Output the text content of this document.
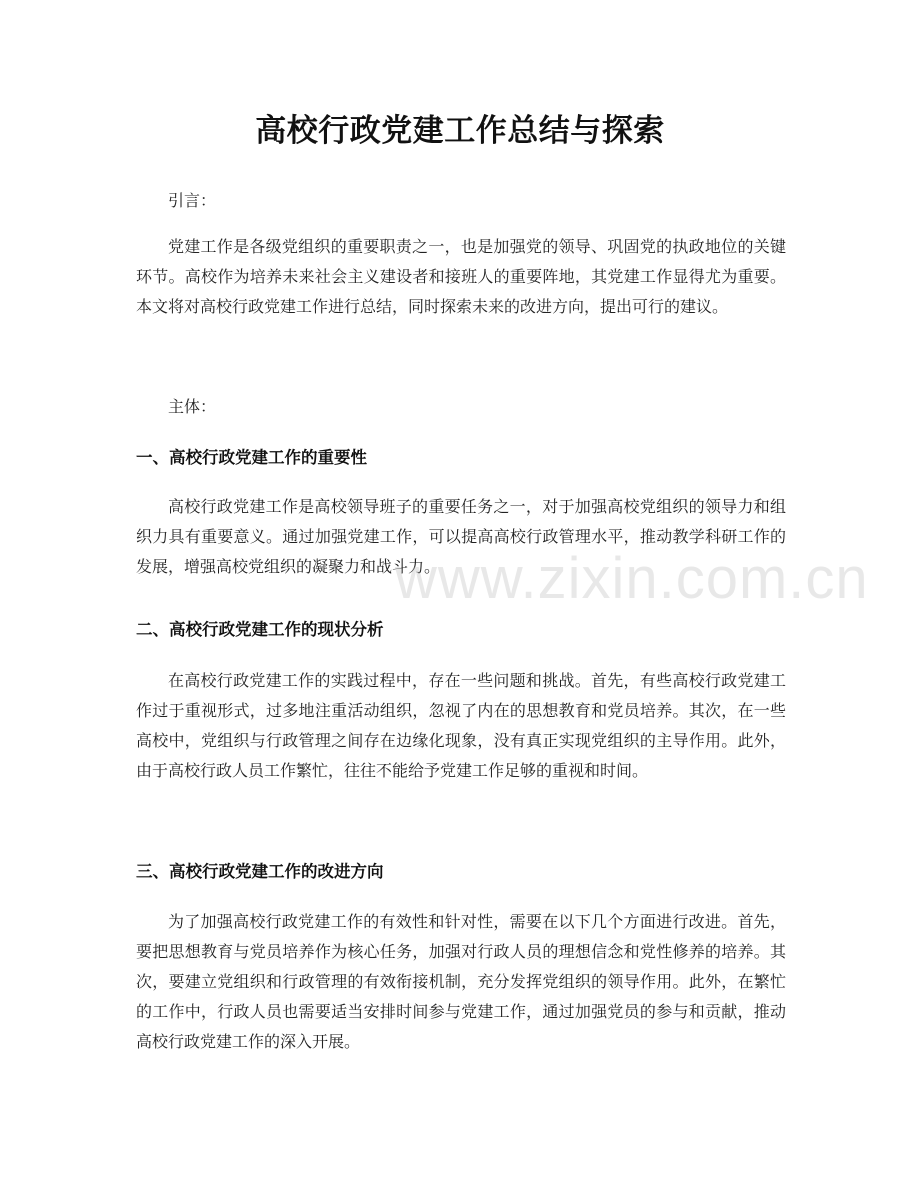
高校行政党建工作总结与探索
引言：
党建工作是各级党组织的重要职责之一，也是加强党的领导、巩固党的执政地位的关键环节。高校作为培养未来社会主义建设者和接班人的重要阵地，其党建工作显得尤为重要。本文将对高校行政党建工作进行总结，同时探索未来的改进方向，提出可行的建议。
主体：
一、高校行政党建工作的重要性
高校行政党建工作是高校领导班子的重要任务之一，对于加强高校党组织的领导力和组织力具有重要意义。通过加强党建工作，可以提高高校行政管理水平，推动教学科研工作的发展，增强高校党组织的凝聚力和战斗力。
二、高校行政党建工作的现状分析
在高校行政党建工作的实践过程中，存在一些问题和挑战。首先，有些高校行政党建工作过于重视形式，过多地注重活动组织，忽视了内在的思想教育和党员培养。其次，在一些高校中，党组织与行政管理之间存在边缘化现象，没有真正实现党组织的主导作用。此外，由于高校行政人员工作繁忙，往往不能给予党建工作足够的重视和时间。
三、高校行政党建工作的改进方向
为了加强高校行政党建工作的有效性和针对性，需要在以下几个方面进行改进。首先，要把思想教育与党员培养作为核心任务，加强对行政人员的理想信念和党性修养的培养。其次，要建立党组织和行政管理的有效衔接机制，充分发挥党组织的领导作用。此外，在繁忙的工作中，行政人员也需要适当安排时间参与党建工作，通过加强党员的参与和贡献，推动高校行政党建工作的深入开展。
www.zixin.com.cn
